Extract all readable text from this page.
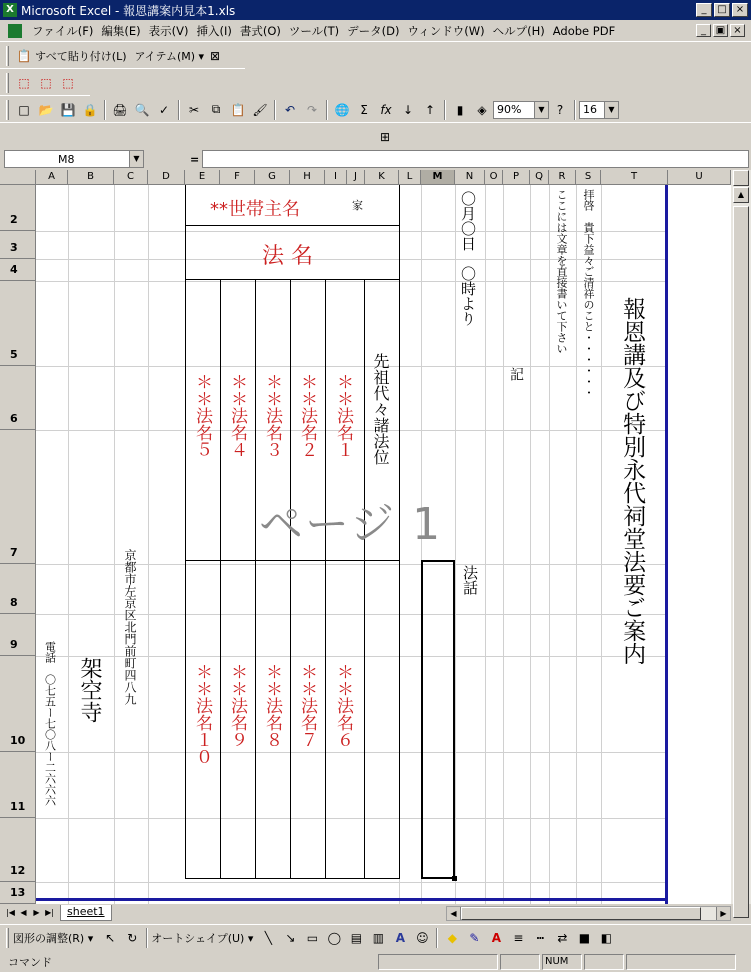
X Microsoft Excel - 報恩講案内見本1.xls	_	□ ×
ファイル(F) 編集(E) 表示(V) 挿入(I) 書式(O) ツール(T) データ(D) ウィンドウ(W) ヘルプ(H) Adobe PDF	_ ▣ ×
📋 すべて貼り付け(L) アイテム(M) ▾ ⊠
⬚ ⬚ ⬚
□ 📂 💾 🔒 🖨 🔍 ✓	✂	⧉ 📋 🖌	↶ ↷	🌐 Σ	fx ↓ ↑	▮	◈ 90%	▼	?	16	▼
⊞
M8	▼	=
A	B	C	D	E	F	G	H	I	J	K	L	M	N	O	P	Q	R	S	T	U
2
3
4
5
6
7
8
9
10
11
12
13
**世帯主名	家
法 名
＊＊法名５ ＊＊法名４ ＊＊法名３ ＊＊法名２ ＊＊法名１ 先祖代々諸法位
＊＊法名１０ ＊＊法名９ ＊＊法名８ ＊＊法名７ ＊＊法名６
京都市左京区北門前町四八九
架空寺
電話　〇七五ー七〇八ー二六六六
〇月〇日　〇時より
法話
記
ここには文章を直接書いて下さい 拝啓　貴下益々ご清祥のこと・・・・・・
報恩講及び特別永代祠堂法要ご案内
ページ 1
▲
|◀ ◀ ▶ ▶|	sheet1	◀	▶
図形の調整(R) ▾ ↖ ↻	オートシェイプ(U) ▾ ╲	↘ ▭ ◯ ▤ ▥ A ☺	◆	✎	A	≡	┅	⇄ ■ ◧
コマンド	NUM
